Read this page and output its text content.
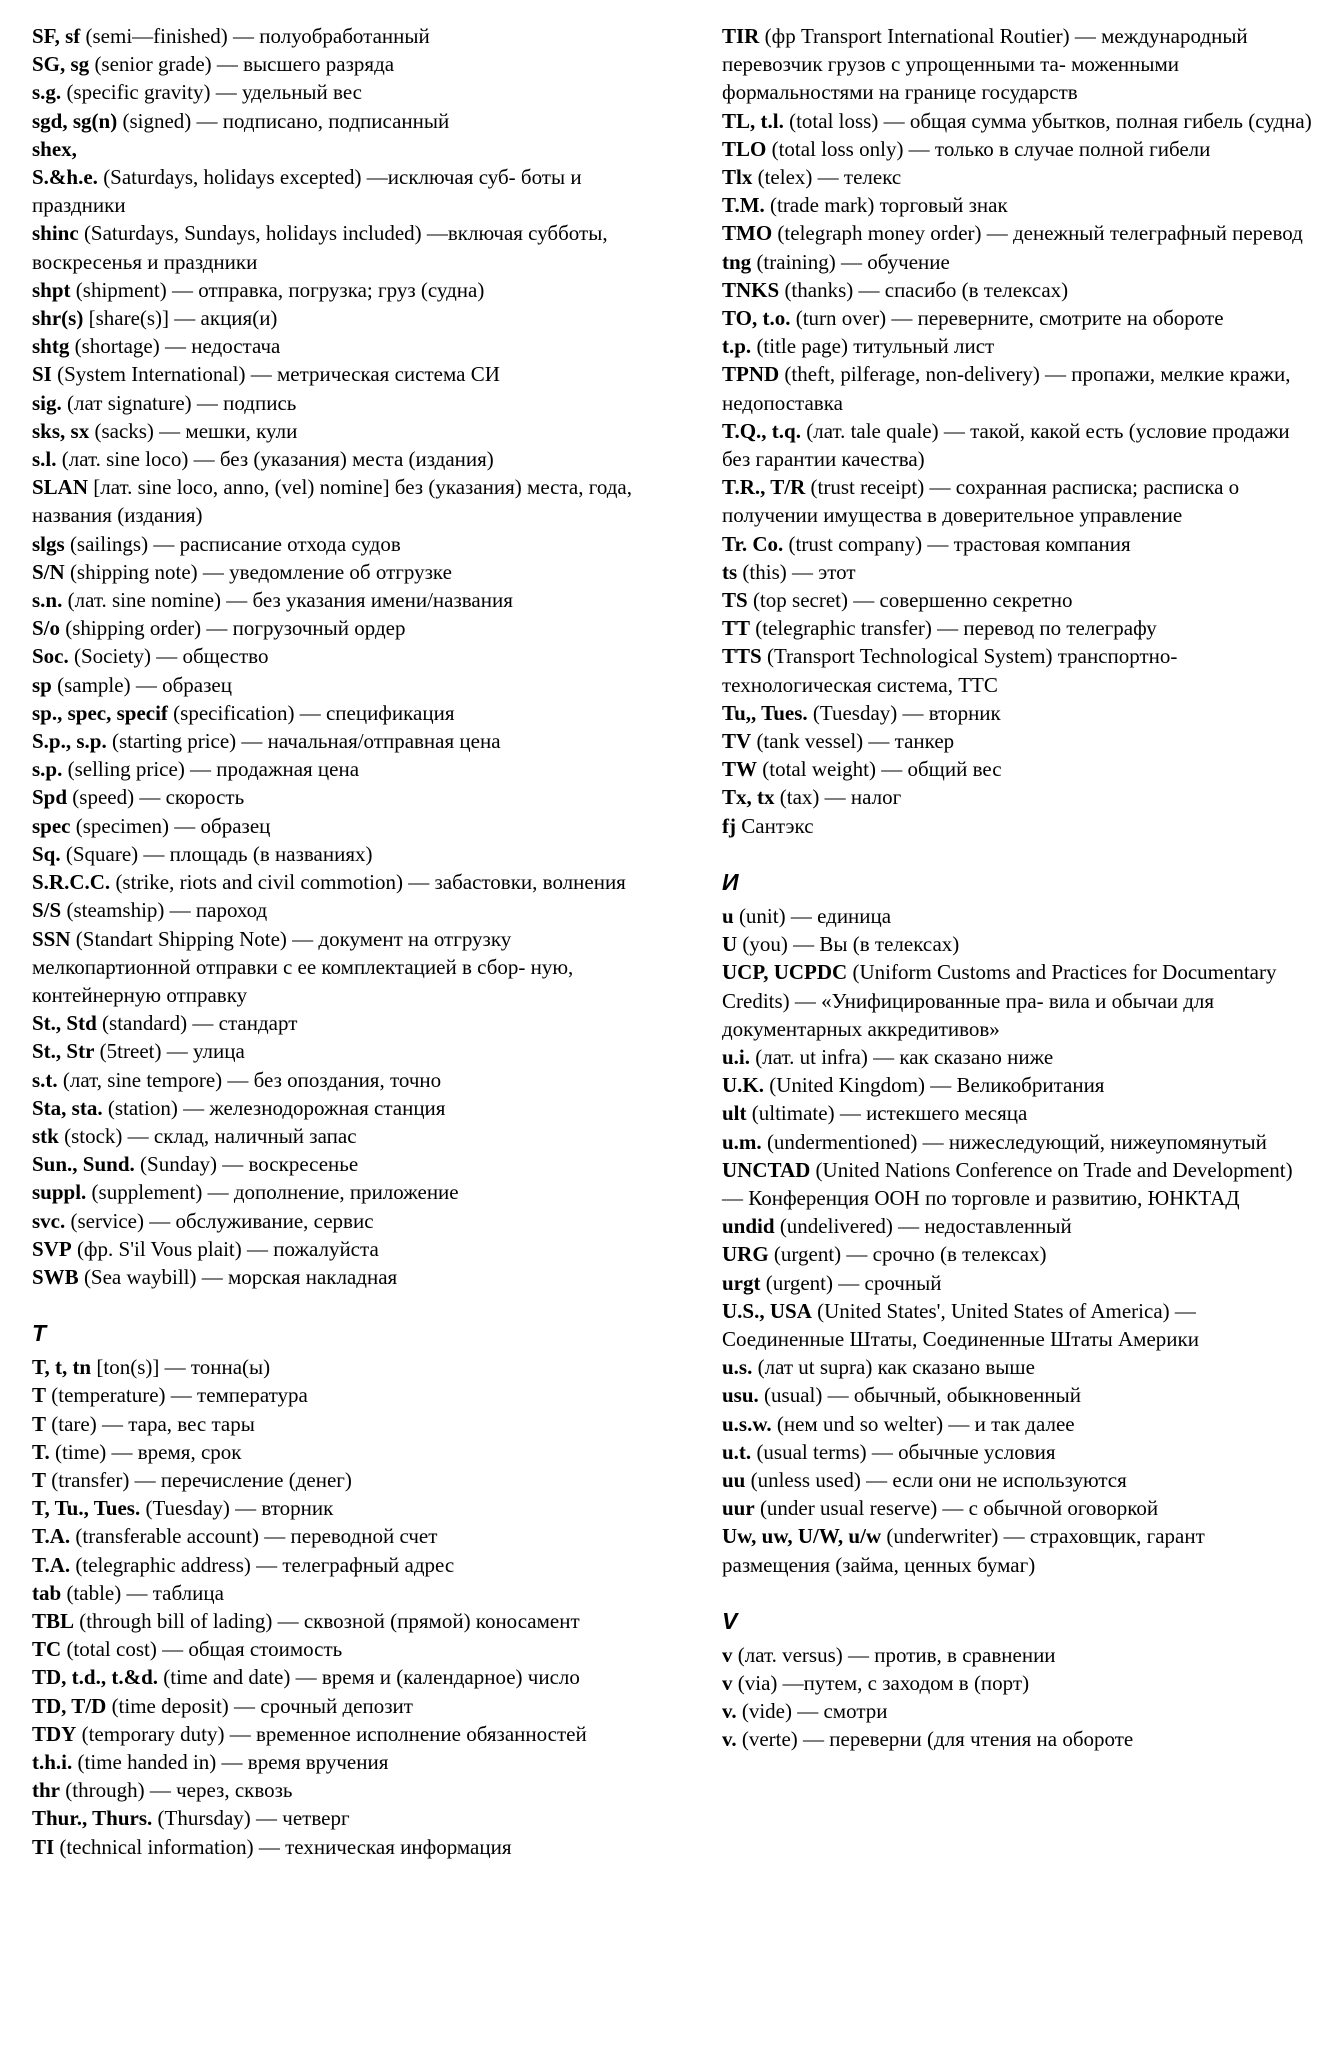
SF, sf (semi—finished) — полуобработанный

SG, sg (senior grade) — высшего разряда

s.g. (specific gravity) — удельный вес

sgd, sg(n) (signed) — подписано, подписанный

shex,

S.&h.e. (Saturdays, holidays excepted) —исключая суб- боты и праздники

shinc (Saturdays, Sundays, holidays included) —включая субботы, воскресенья и праздники

shpt (shipment) — отправка, погрузка; груз (судна)

shr(s) [share(s)] — акция(и)

shtg (shortage) — недостача

SI (System International) — метрическая система СИ

sig. (лат signature) — подпись

sks, sx (sacks) — мешки, кули

s.l. (лат. sine loco) — без (указания) места (издания)

SLAN [лат. sine loco, anno, (vel) nomine] без (указания) места, года, названия (издания)

slgs (sailings) — расписание отхода судов

S/N (shipping note) — уведомление об отгрузке

s.n. (лат. sine nomine) — без указания имени/названия

S/o (shipping order) — погрузочный ордер

Soc. (Society) — общество

sp (sample) — образец

sp., spec, specif (specification) — спецификация

S.p., s.p. (starting price) — начальная/отправная цена

s.p. (selling price) — продажная цена

Spd (speed) — скорость

spec (specimen) — образец

Sq. (Square) — площадь (в названиях)

S.R.C.C. (strike, riots and civil commotion) — забастовки, волнения

S/S (steamship) — пароход

SSN (Standart Shipping Note) — документ на отгрузку мелкопартионной отправки с ее комплектацией в сбор- ную, контейнерную отправку

St., Std (standard) — стандарт

St., Str (5treet) — улица

s.t. (лат, sine tempore) — без опоздания, точно

Sta, sta. (station) — железнодорожная станция

stk (stock) — склад, наличный запас

Sun., Sund. (Sunday) — воскресенье

suppl. (supplement) — дополнение, приложение

svc. (service) — обслуживание, сервис

SVP (фр. S'il Vous plait) — пожалуйста

SWB (Sea waybill) — морская накладная

T

T, t, tn [ton(s)] — тонна(ы)

T (temperature) — температура

T (tare) — тара, вес тары

T. (time) — время, срок

T (transfer) — перечисление (денег)

T, Tu., Tues. (Tuesday) — вторник

T.A. (transferable account) — переводной счет

T.A. (telegraphic address) — телеграфный адрес

tab (table) — таблица

TBL (through bill of lading) — сквозной (прямой) коносамент

TC (total cost) — общая стоимость

TD, t.d., t.&d. (time and date) — время и (календарное) число

TD, T/D (time deposit) — срочный депозит

TDY (temporary duty) — временное исполнение обязанностей

t.h.i. (time handed in) — время вручения

thr (through) — через, сквозь

Thur., Thurs. (Thursday) — четверг

TI (technical information) — техническая информация

TIR (фр Transport International Routier) — международный перевозчик грузов с упрощенными та- моженными формальностями на границе государств

TL, t.l. (total loss) — общая сумма убытков, полная гибель (судна)

TLO (total loss only) — только в случае полной гибели

Tlx (telex) — телекс

T.M. (trade mark) торговый знак

TMO (telegraph money order) — денежный телеграфный перевод

tng (training) — обучение

TNKS (thanks) — спасибо (в телексах)

TO, t.o. (turn over) — переверните, смотрите на обороте

t.p. (title page) титульный лист

TPND (theft, pilferage, non-delivery) — пропажи, мелкие кражи, недопоставка

T.Q., t.q. (лат. tale quale) — такой, какой есть (условие продажи без гарантии качества)

T.R., T/R (trust receipt) — сохранная расписка; расписка о получении имущества в доверительное управление

Tr. Co. (trust company) — трастовая компания

ts (this) — этот

TS (top secret) — совершенно секретно

TT (telegraphic transfer) — перевод по телеграфу

TTS (Transport Technological System) транспортно-технологическая система, ТТС

Tu,, Tues. (Tuesday) — вторник

TV (tank vessel) — танкер

TW (total weight) — общий вес

Tx, tx (tax) — налог

fj Сантэкс

И

u (unit) — единица

U (you) — Вы (в телексах)

UCP, UCPDC (Uniform Customs and Practices for Documentary Credits) — «Унифицированные пра- вила и обычаи для документарных аккредитивов»

u.i. (лат. ut infra) — как сказано ниже

U.K. (United Kingdom) — Великобритания

ult (ultimate) — истекшего месяца

u.m. (undermentioned) — нижеследующий, нижеупомянутый

UNCTAD (United Nations Conference on Trade and Development) — Конференция ООН по торговле и развитию, ЮНКТАД

undid (undelivered) — недоставленный

URG (urgent) — срочно (в телексах)

urgt (urgent) — срочный

U.S., USA (United States', United States of America) — Соединенные Штаты, Соединенные Штаты Америки

u.s. (лат ut supra) как сказано выше

usu. (usual) — обычный, обыкновенный

u.s.w. (нем und so welter) — и так далее

u.t. (usual terms) — обычные условия

uu (unless used) — если они не используются

uur (under usual reserve) — с обычной оговоркой

Uw, uw, U/W, u/w (underwriter) — страховщик, гарант размещения (займа, ценных бумаг)

V

v (лат. versus) — против, в сравнении

v (via) —путем, с заходом в (порт)

v. (vide) — смотри

v. (verte) — переверни (для чтения на обороте
